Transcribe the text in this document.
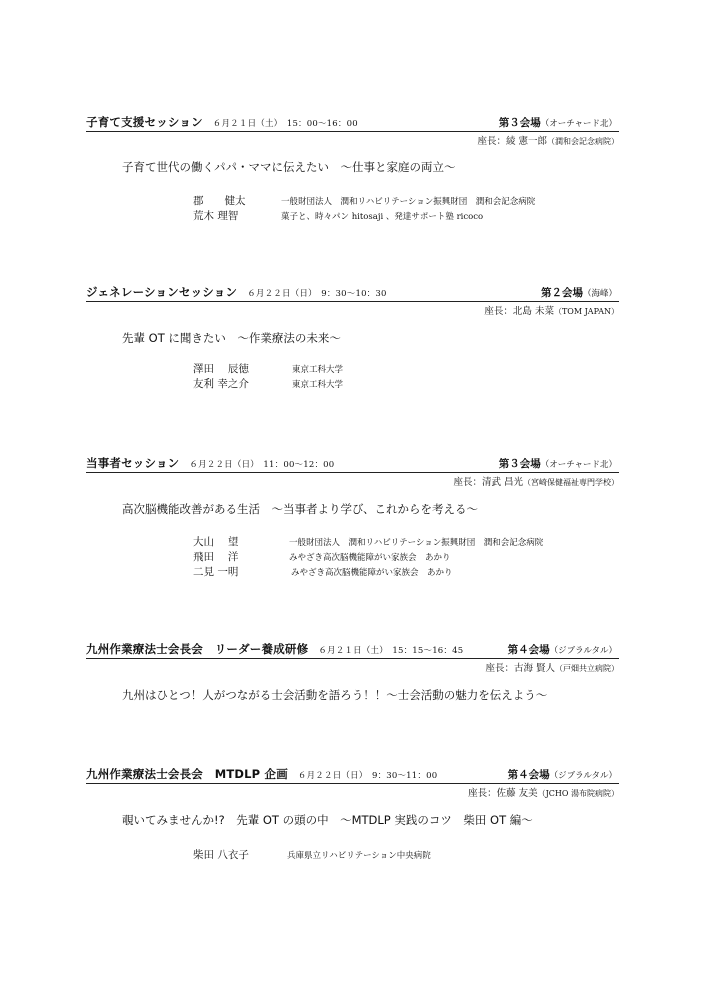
子育て支援セッション ６月２１日（土）　15：00～16：00	第３会場（オーチャード北）
座長：綾 憲一郎（潤和会記念病院）
子育て世代の働くパパ・ママに伝えたい　～仕事と家庭の両立～
郡　　健太	一般財団法人　潤和リハビリテーション振興財団　潤和会記念病院
荒木 理智	菓子と、時々パン hitosaji 、発達サポート塾 ricoco
ジェネレーションセッション ６月２２日（日）　9：30～10：30	第２会場（海峰）
座長：北島 未菜（TOM JAPAN）
先輩 OT に聞きたい　～作業療法の未来～
澤田　 辰徳	東京工科大学
友利 幸之介	東京工科大学
当事者セッション ６月２２日（日）　11：00～12：00	第３会場（オーチャード北）
座長：清武 昌光（宮崎保健福祉専門学校）
高次脳機能改善がある生活　～当事者より学び、これからを考える～
大山　 望	一般財団法人　潤和リハビリテーション振興財団　潤和会記念病院
飛田　 洋	みやざき高次脳機能障がい家族会　あかり
二見 一明	みやざき高次脳機能障がい家族会　あかり
九州作業療法士会長会　リーダー養成研修 ６月２１日（土）　15：15～16：45	第４会場（ジブラルタル）
座長：古海 賢人（戸畑共立病院）
九州はひとつ！人がつながる士会活動を語ろう！！～士会活動の魅力を伝えよう～
九州作業療法士会長会　MTDLP 企画 ６月２２日（日）　9：30～11：00	第４会場（ジブラルタル）
座長：佐藤 友美（JCHO 湯布院病院）
覗いてみませんか!?　先輩 OT の頭の中　～MTDLP 実践のコツ　柴田 OT 編～
柴田 八衣子	兵庫県立リハビリテーション中央病院
